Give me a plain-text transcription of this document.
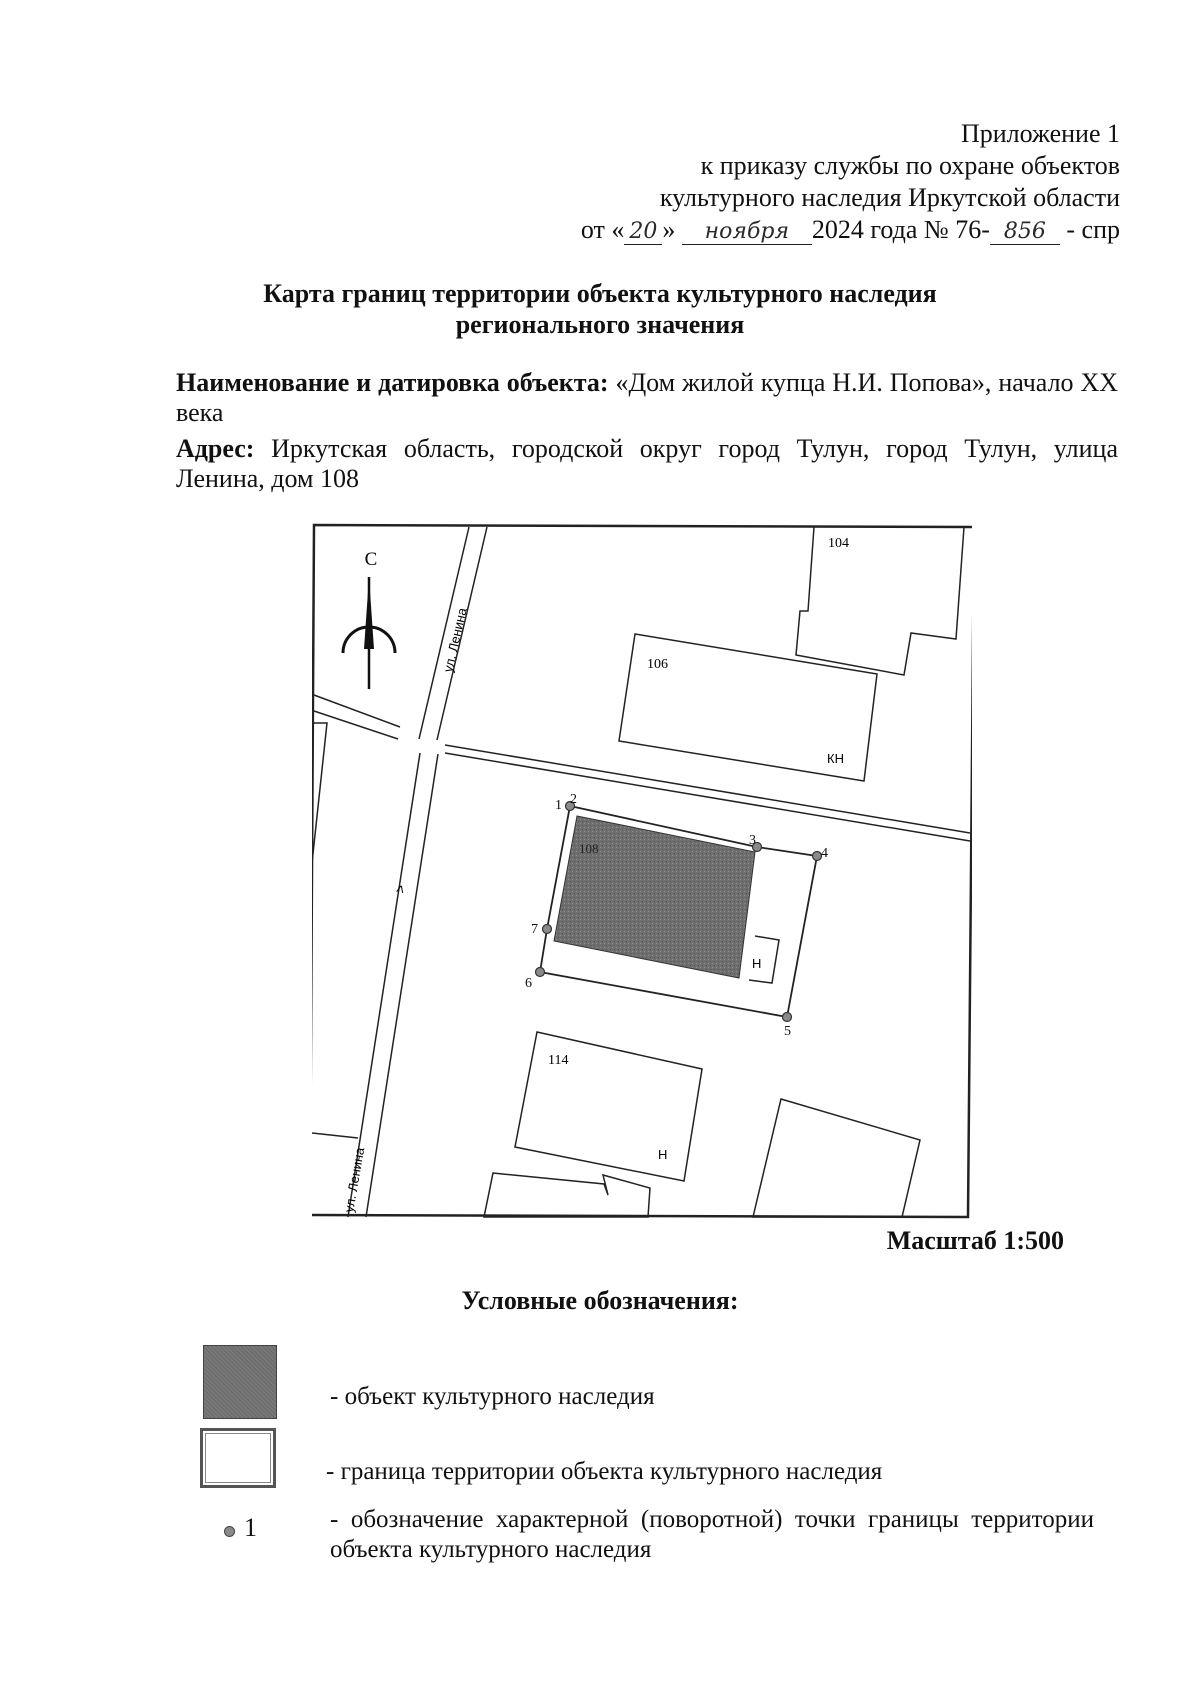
Приложение 1
к приказу службы по охране объектов
культурного наследия Иркутской области
от « 20 » ноября 2024 года № 76- 856 - спр
Карта границ территории объекта культурного наследия
регионального значения

Наименование и датировка объекта: «Дом жилой купца Н.И. Попова», начало XX века

Адрес: Иркутская область, городской округ город Тулун, город Тулун, улица Ленина, дом 108

С
ул. Ленина
ул. Ленина
>
104
106
КН
108
Н
114
Н
1 2
3
4
5
6
7
Масштаб 1:500
Условные обозначения:
- объект культурного наследия
- граница территории объекта культурного наследия
1	- обозначение характерной (поворотной) точки границы территории объекта культурного наследия
